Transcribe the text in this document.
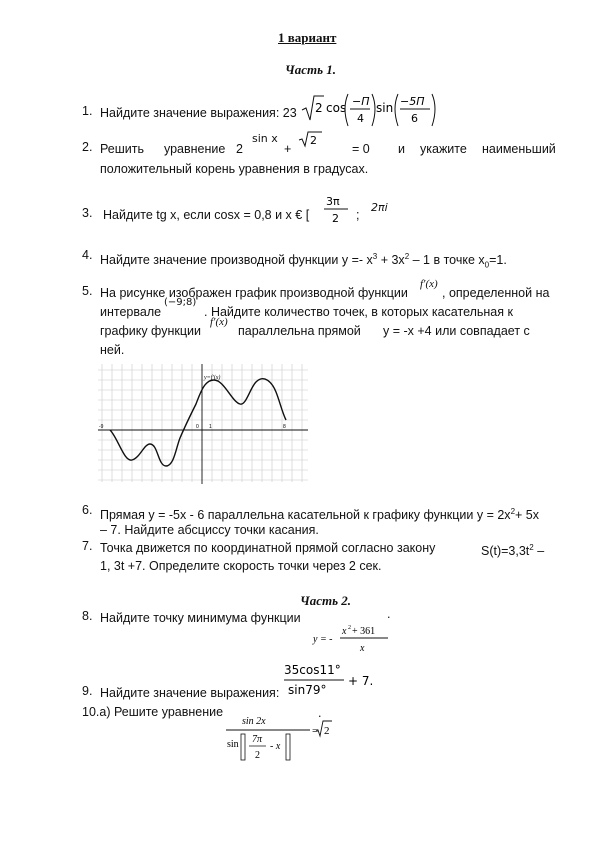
1 вариант
Часть 1.
1. Найдите значение выражения: 23 2 cos −Π
4
sin −5Π
6
2. Решить уравнение 2
sin x
+
2
= 0 и укажите наименьший
положительный корень уравнения в градусах.
3. Найдите tg x, если cosx = 0,8 и x € [
3π
2 ;
2πi
4. Найдите значение производной функции $y =- x^3 + 3x^2 - 1$ в точке $x_0=1$.
5. На рисунке изображен график производной функции
f′(x)
, определенной на
интервале
(−9;8)
. Найдите количество точек, в которых касательная к
графику функции
f′(x)
параллельна прямой y = -x +4 или совпадает с
ней.
y=f′(x)
-9	0 1	8
6. Прямая y = -5x - 6 параллельна касательной к графику функции $y = 2x^2+ 5x$
– 7. Найдите абсциссу точки касания.
7. Точка движется по координатной прямой согласно закону	$S(t)=3,3t^2$ –
1, 3t +7. Определите скорость точки через 2 сек.
Часть 2.
8. Найдите точку минимума функции	.
y = -
x 2 + 361
x
9. Найдите значение выражения:
35cos11°
sin79°
+ 7.
10.а) Решите уравнение
sin 2x
sin 7π
2
- x
= 2
.
